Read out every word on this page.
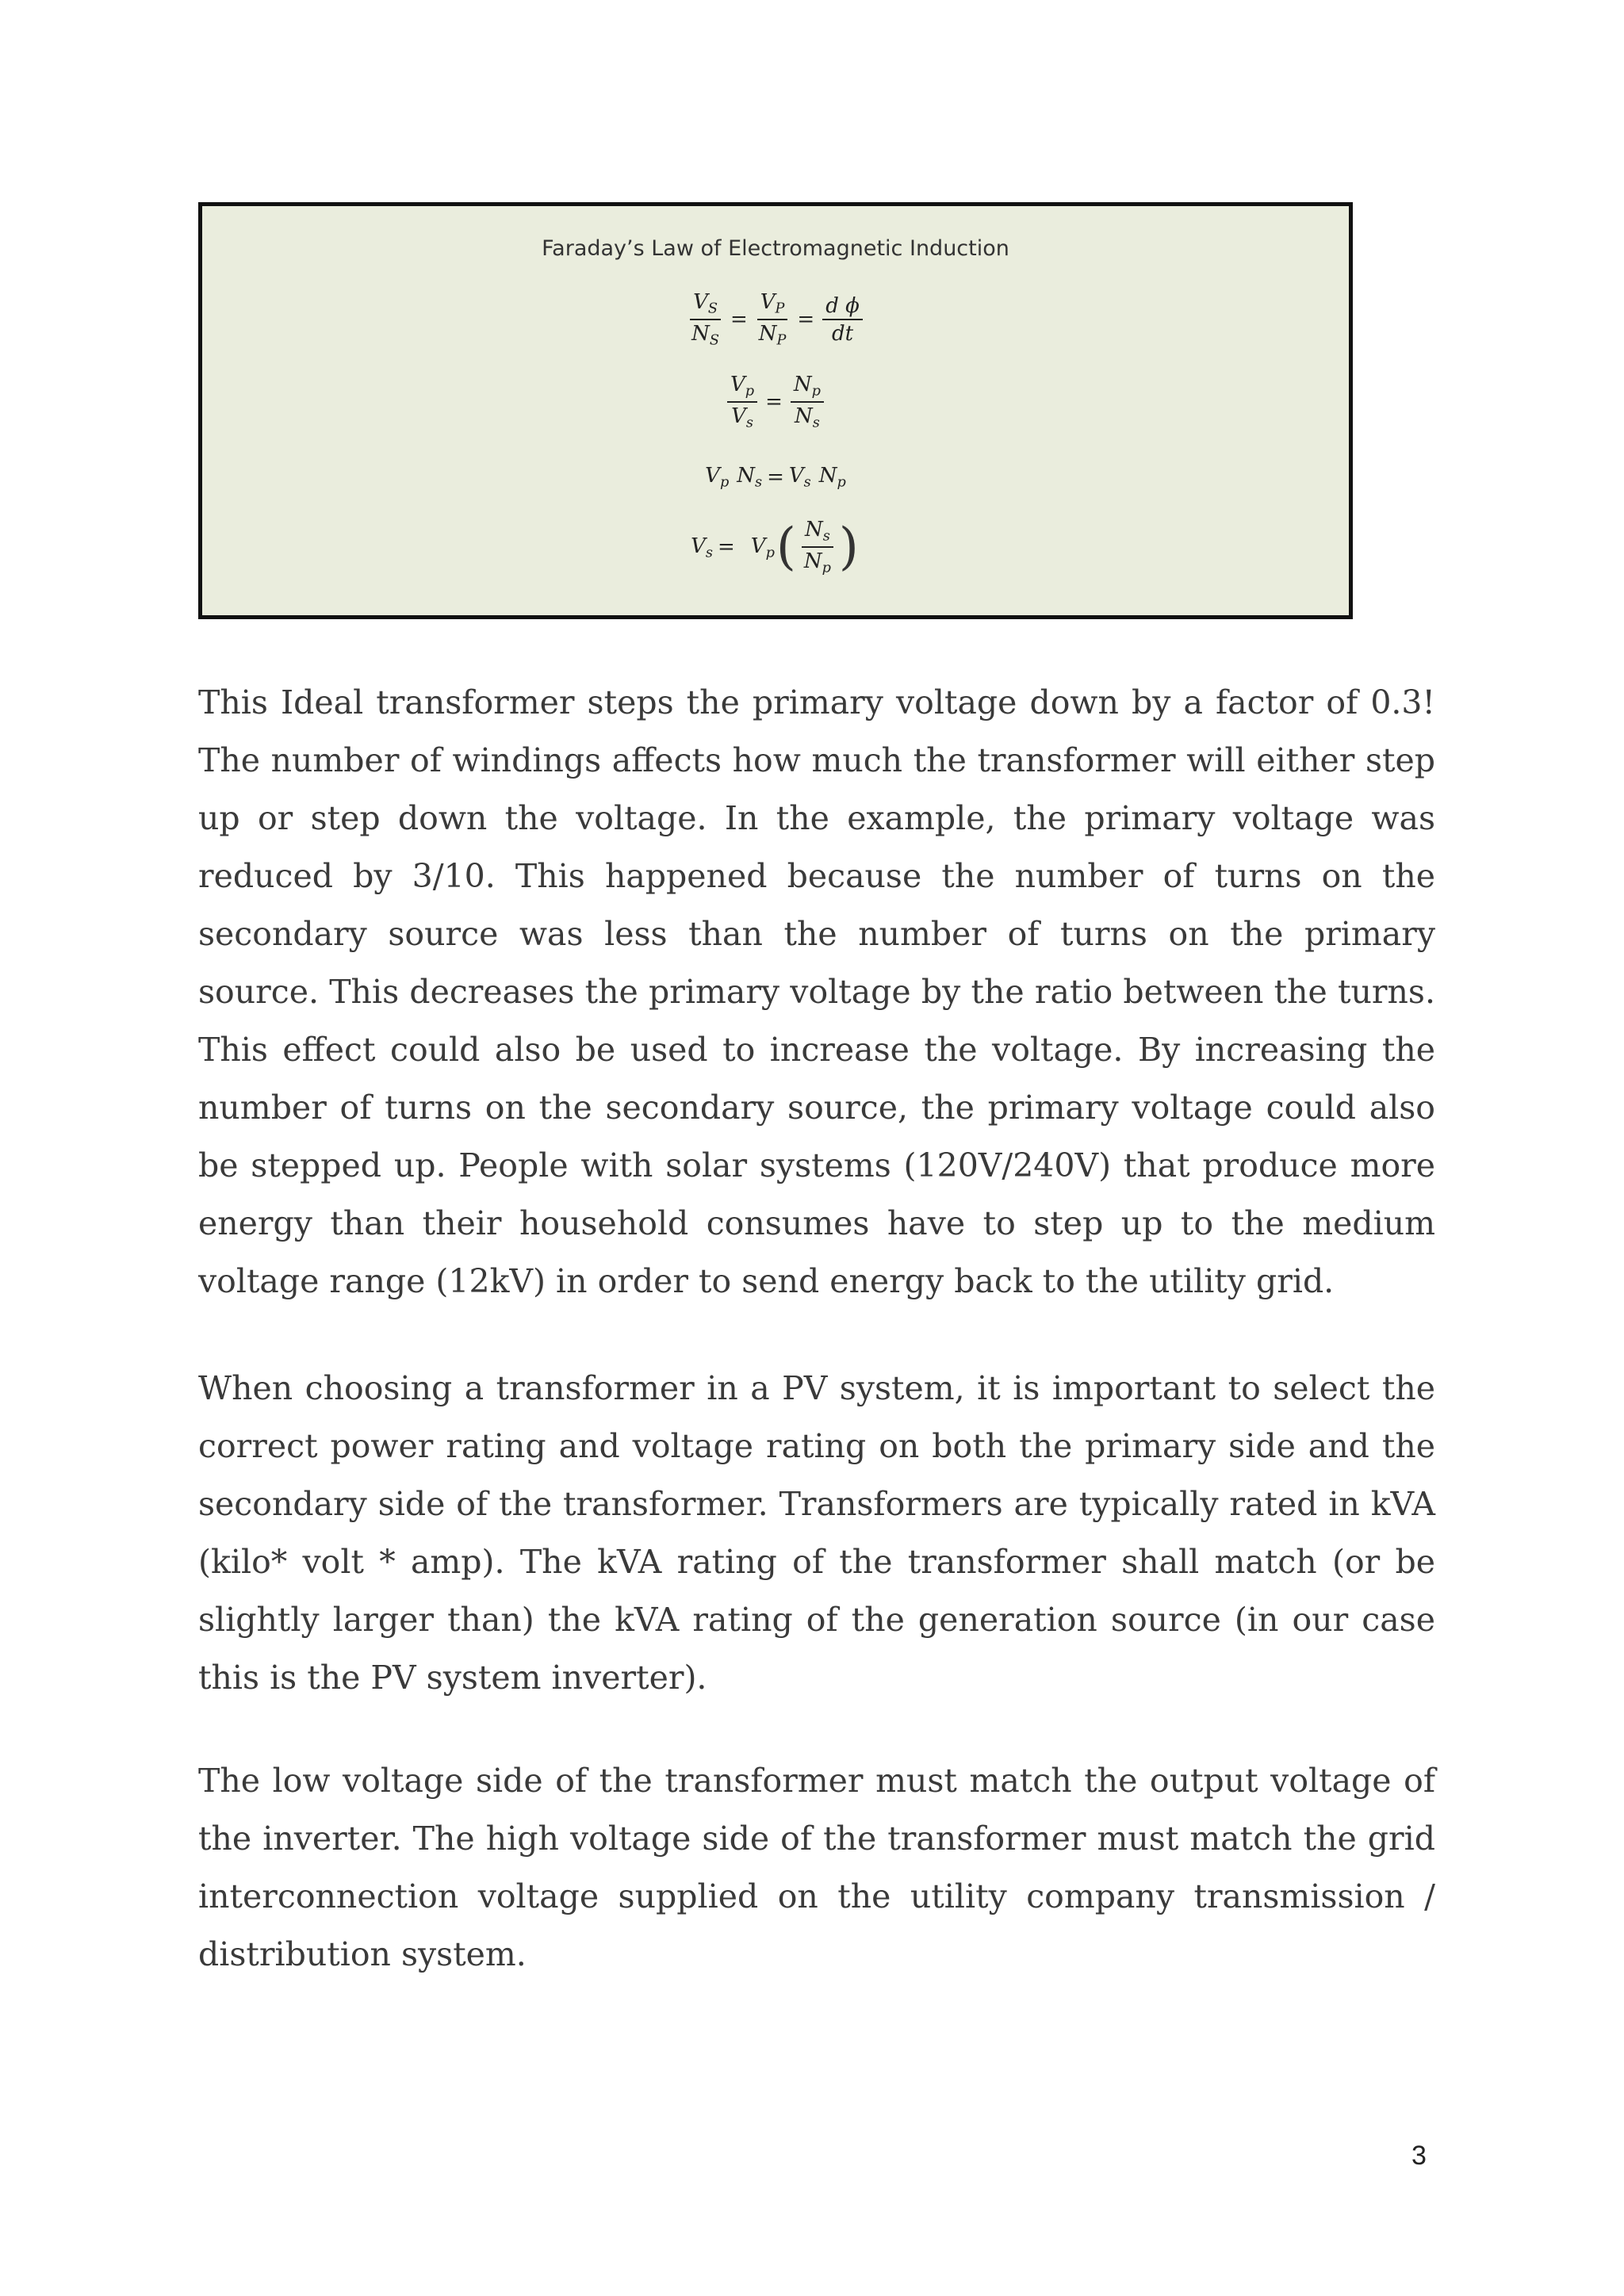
Faraday’s Law of Electromagnetic Induction
$\frac{V_S}{N_S} = \frac{V_P}{N_P} = \frac{\text{d ϕ}}{dt}$
$\frac{V_p}{V_s} = \frac{N_p}{N_s}$
$V_p$ $N_s = V_s$ $N_p$
$V_s = V_p$ ( $\frac{N_s}{N_p}$ )

This Ideal transformer steps the primary voltage down by a factor of 0.3! The number of windings affects how much the transformer will either step up or step down the voltage. In the example, the primary voltage was reduced by 3/10. This happened because the number of turns on the secondary source was less than the number of turns on the primary source. This decreases the primary voltage by the ratio between the turns. This effect could also be used to increase the voltage. By increasing the number of turns on the secondary source, the primary voltage could also be stepped up. People with solar systems (120V/240V) that produce more energy than their household consumes have to step up to the medium voltage range (12kV) in order to send energy back to the utility grid.

When choosing a transformer in a PV system, it is important to select the correct power rating and voltage rating on both the primary side and the secondary side of the transformer. Transformers are typically rated in kVA (kilo* volt * amp). The kVA rating of the transformer shall match (or be slightly larger than) the kVA rating of the generation source (in our case this is the PV system inverter).

The low voltage side of the transformer must match the output voltage of the inverter. The high voltage side of the transformer must match the grid interconnection voltage supplied on the utility company transmission / distribution system.

3
